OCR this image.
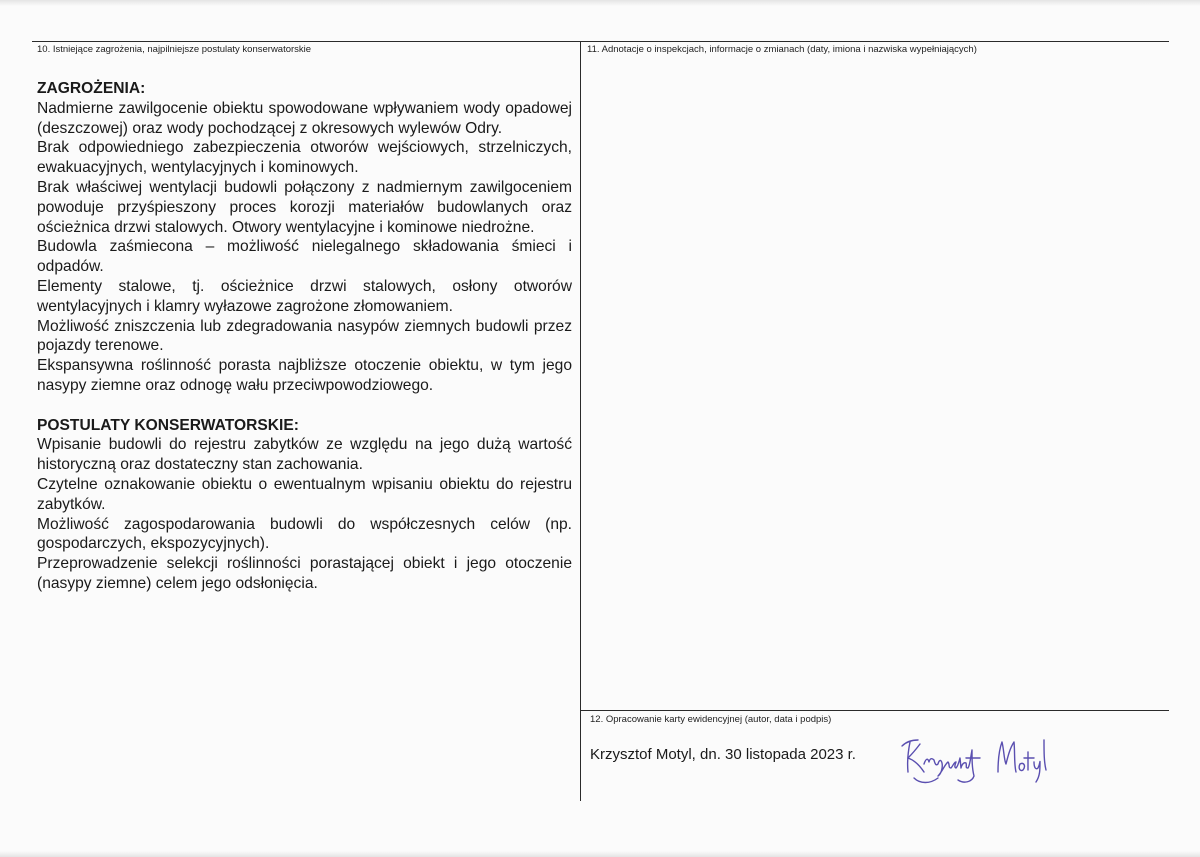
10. Istniejące zagrożenia, najpilniejsze postulaty konserwatorskie	11. Adnotacje o inspekcjach, informacje o zmianach (daty, imiona i nazwiska wypełniających)
12. Opracowanie karty ewidencyjnej (autor, data i podpis)
ZAGROŻENIA:
Nadmierne zawilgocenie obiektu spowodowane wpływaniem wody opadowej (deszczowej) oraz wody pochodzącej z okresowych wylewów Odry.
Brak odpowiedniego zabezpieczenia otworów wejściowych, strzelniczych, ewakuacyjnych, wentylacyjnych i kominowych.
Brak właściwej wentylacji budowli połączony z nadmiernym zawilgoceniem powoduje przyśpieszony proces korozji materiałów budowlanych oraz ościeżnica drzwi stalowych. Otwory wentylacyjne i kominowe niedrożne.
Budowla zaśmiecona – możliwość nielegalnego składowania śmieci i odpadów.
Elementy stalowe, tj. ościeżnice drzwi stalowych, osłony otworów wentylacyjnych i klamry wyłazowe zagrożone złomowaniem.
Możliwość zniszczenia lub zdegradowania nasypów ziemnych budowli przez pojazdy terenowe.
Ekspansywna roślinność porasta najbliższe otoczenie obiektu, w tym jego nasypy ziemne oraz odnogę wału przeciwpowodziowego.
POSTULATY KONSERWATORSKIE:
Wpisanie budowli do rejestru zabytków ze względu na jego dużą wartość historyczną oraz dostateczny stan zachowania.
Czytelne oznakowanie obiektu o ewentualnym wpisaniu obiektu do rejestru zabytków.
Możliwość zagospodarowania budowli do współczesnych celów (np. gospodarczych, ekspozycyjnych).
Przeprowadzenie selekcji roślinności porastającej obiekt i jego otoczenie (nasypy ziemne) celem jego odsłonięcia.
Krzysztof Motyl, dn. 30 listopada 2023 r.
